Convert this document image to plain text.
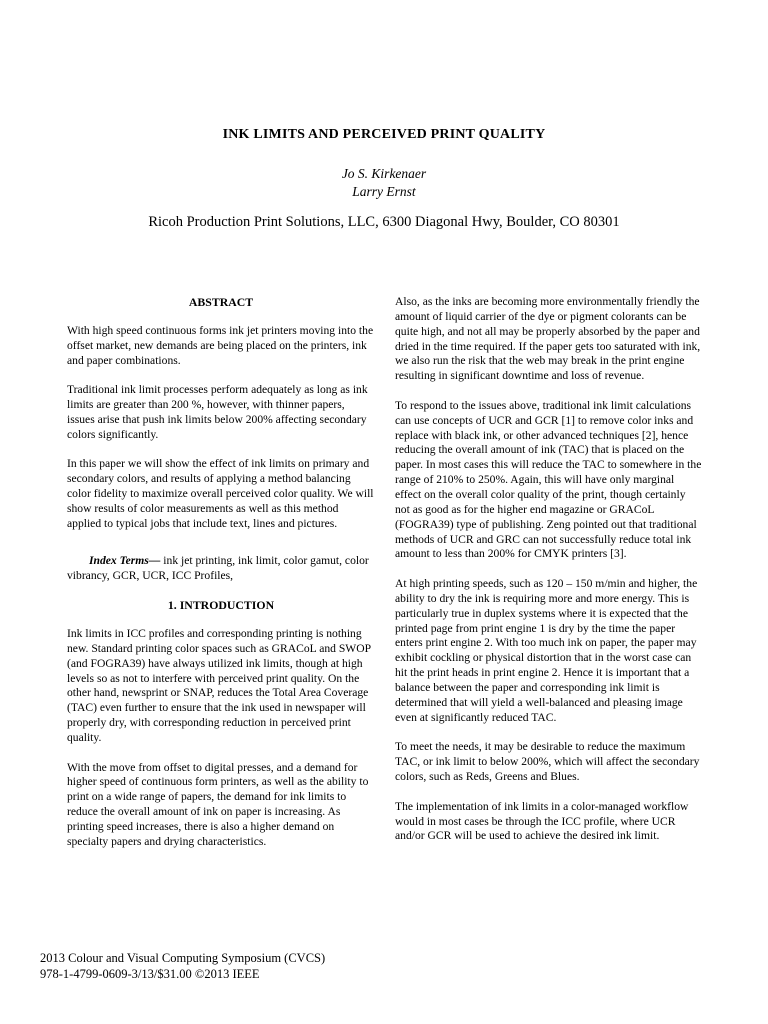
INK LIMITS AND PERCEIVED PRINT QUALITY
Jo S. Kirkenaer
Larry Ernst
Ricoh Production Print Solutions, LLC, 6300 Diagonal Hwy, Boulder, CO 80301
ABSTRACT

With high speed continuous forms ink jet printers moving into the offset market, new demands are being placed on the printers, ink and paper combinations.

Traditional ink limit processes perform adequately as long as ink limits are greater than 200 %, however, with thinner papers, issues arise that push ink limits below 200% affecting secondary colors significantly.

In this paper we will show the effect of ink limits on primary and secondary colors, and results of applying a method balancing color fidelity to maximize overall perceived color quality. We will show results of color measurements as well as this method applied to typical jobs that include text, lines and pictures.

Index Terms— ink jet printing, ink limit, color gamut, color vibrancy, GCR, UCR, ICC Profiles,

1. INTRODUCTION

Ink limits in ICC profiles and corresponding printing is nothing new. Standard printing color spaces such as GRACoL and SWOP (and FOGRA39) have always utilized ink limits, though at high levels so as not to interfere with perceived print quality. On the other hand, newsprint or SNAP, reduces the Total Area Coverage (TAC) even further to ensure that the ink used in newspaper will properly dry, with corresponding reduction in perceived print quality.

With the move from offset to digital presses, and a demand for higher speed of continuous form printers, as well as the ability to print on a wide range of papers, the demand for ink limits to reduce the overall amount of ink on paper is increasing. As printing speed increases, there is also a higher demand on specialty papers and drying characteristics.

Also, as the inks are becoming more environmentally friendly the amount of liquid carrier of the dye or pigment colorants can be quite high, and not all may be properly absorbed by the paper and dried in the time required. If the paper gets too saturated with ink, we also run the risk that the web may break in the print engine resulting in significant downtime and loss of revenue.

To respond to the issues above, traditional ink limit calculations can use concepts of UCR and GCR [1] to remove color inks and replace with black ink, or other advanced techniques [2], hence reducing the overall amount of ink (TAC) that is placed on the paper. In most cases this will reduce the TAC to somewhere in the range of 210% to 250%. Again, this will have only marginal effect on the overall color quality of the print, though certainly not as good as for the higher end magazine or GRACoL (FOGRA39) type of publishing. Zeng pointed out that traditional methods of UCR and GRC can not successfully reduce total ink amount to less than 200% for CMYK printers [3].

At high printing speeds, such as 120 – 150 m/min and higher, the ability to dry the ink is requiring more and more energy. This is particularly true in duplex systems where it is expected that the printed page from print engine 1 is dry by the time the paper enters print engine 2. With too much ink on paper, the paper may exhibit cockling or physical distortion that in the worst case can hit the print heads in print engine 2. Hence it is important that a balance between the paper and corresponding ink limit is determined that will yield a well-balanced and pleasing image even at significantly reduced TAC.

To meet the needs, it may be desirable to reduce the maximum TAC, or ink limit to below 200%, which will affect the secondary colors, such as Reds, Greens and Blues.

The implementation of ink limits in a color-managed workflow would in most cases be through the ICC profile, where UCR and/or GCR will be used to achieve the desired ink limit.

2013 Colour and Visual Computing Symposium (CVCS)
978-1-4799-0609-3/13/$31.00 ©2013 IEEE
